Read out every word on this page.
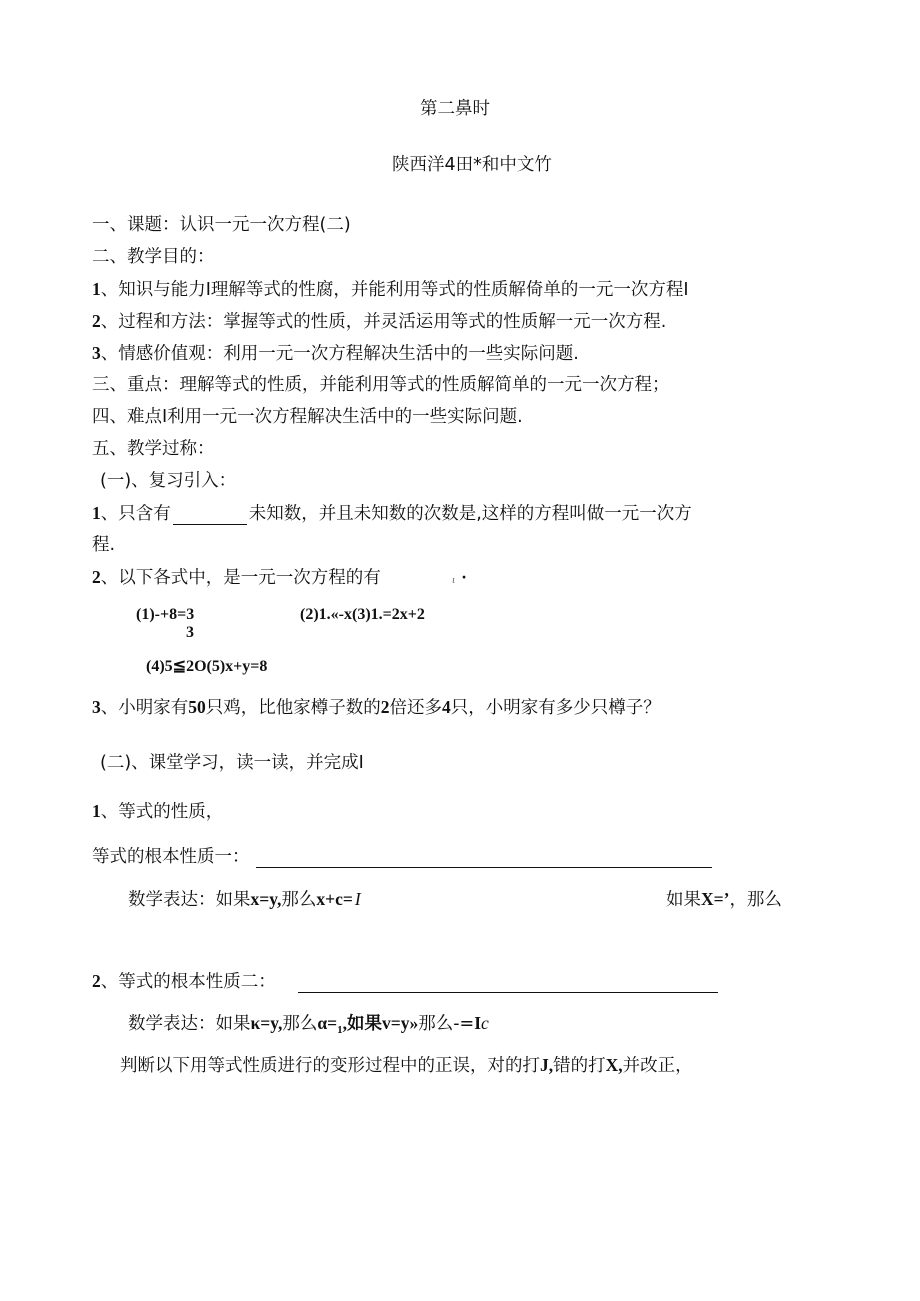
第二鼻时
陕西洋4田*和中文竹
一、课题：认识一元一次方程(二)
二、教学目的：
1、知识与能力I理解等式的性腐，并能利用等式的性质解倚单的一元一次方程I
2、过程和方法：掌握等式的性质，并灵活运用等式的性质解一元一次方程.
3、情感价值观：利用一元一次方程解决生活中的一些实际问题.
三、重点：理解等式的性质，并能利用等式的性质解简单的一元一次方程；
四、难点I利用一元一次方程解决生活中的一些实际问题.
五、教学过称：
(一)、复习引入：
1、只含有	未知数，并且未知数的次数是,这样的方程叫做一元一次方
程.
2、以下各式中，是一元一次方程的有	ι ·
(1)-+8=3
3
(2)1.«-x(3)1.=2x+2
(4)5≦2O(5)x+y=8
3、小明家有50只鸡，比他家樽子数的2倍还多4只，小明家有多少只樽子？
(二)、课堂学习，读一读，并完成I
1、等式的性质，
等式的根本性质一：
数学表达：如果x=y,那么x+c= I	如果X=’，那么
2、等式的根本性质二：
数学表达：如果κ=y,那么$\alpha=_1$,如果v=y»那么-=Ic
判断以下用等式性质进行的变形过程中的正误，对的打J,错的打X,并改正，
